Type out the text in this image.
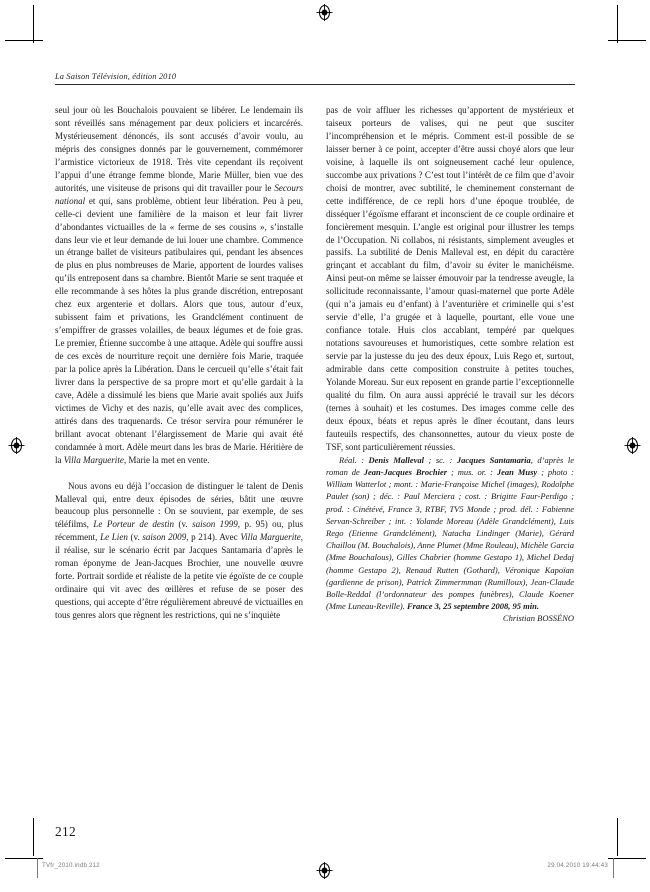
La Saison Télévision, édition 2010

seul jour où les Bouchalois pouvaient se libérer. Le lendemain ils sont réveillés sans ménagement par deux policiers et incarcérés. Mystérieusement dénoncés, ils sont accusés d’avoir voulu, au mépris des consignes donnés par le gouvernement, commémorer l’armistice victorieux de 1918. Très vite cependant ils reçoivent l’appui d’une étrange femme blonde, Marie Müller, bien vue des autorités, une visiteuse de prisons qui dit travailler pour le Secours national et qui, sans problème, obtient leur libération. Peu à peu, celle-ci devient une familière de la maison et leur fait livrer d’abondantes victuailles de la « ferme de ses cousins », s’installe dans leur vie et leur demande de lui louer une chambre. Commence un étrange ballet de visiteurs patibulaires qui, pendant les absences de plus en plus nombreuses de Marie, apportent de lourdes valises qu’ils entreposent dans sa chambre. Bientôt Marie se sent traquée et elle recommande à ses hôtes la plus grande discrétion, entreposant chez eux argenterie et dollars. Alors que tous, autour d’eux, subissent faim et privations, les Grandclément continuent de s’empiffrer de grasses volailles, de beaux légumes et de foie gras. Le premier, Étienne succombe à une attaque. Adèle qui souffre aussi de ces excès de nourriture reçoit une dernière fois Marie, traquée par la police après la Libération. Dans le cercueil qu’elle s’était fait livrer dans la perspective de sa propre mort et qu’elle gardait à la cave, Adèle a dissimulé les biens que Marie avait spoliés aux Juifs victimes de Vichy et des nazis, qu’elle avait avec des complices, attirés dans des traquenards. Ce trésor servira pour rémunérer le brillant avocat obtenant l’élargissement de Marie qui avait été condamnée à mort. Adèle meurt dans les bras de Marie. Héritière de la Villa Marguerite, Marie la met en vente.

Nous avons eu déjà l’occasion de distinguer le talent de Denis Malleval qui, entre deux épisodes de séries, bâtit une œuvre beaucoup plus personnelle : On se souvient, par exemple, de ses téléfilms, Le Porteur de destin (v. saison 1999, p. 95) ou, plus récemment, Le Lien (v. saison 2009, p 214). Avec Villa Marguerite, il réalise, sur le scénario écrit par Jacques Santamaria d’après le roman éponyme de Jean-Jacques Brochier, une nouvelle œuvre forte. Portrait sordide et réaliste de la petite vie égoïste de ce couple ordinaire qui vit avec des œillères et refuse de se poser des questions, qui accepte d’être régulièrement abreuvé de victuailles en tous genres alors que règnent les restrictions, qui ne s’inquiète

pas de voir affluer les richesses qu’apportent de mystérieux et taiseux porteurs de valises, qui ne peut que susciter l’incompréhension et le mépris. Comment est-il possible de se laisser berner à ce point, accepter d’être aussi choyé alors que leur voisine, à laquelle ils ont soigneusement caché leur opulence, succombe aux privations ? C’est tout l’intérêt de ce film que d’avoir choisi de montrer, avec subtilité, le cheminement consternant de cette indifférence, de ce repli hors d’une époque troublée, de disséquer l’égoïsme effarant et inconscient de ce couple ordinaire et foncièrement mesquin. L’angle est original pour illustrer les temps de l’Occupation. Ni collabos, ni résistants, simplement aveugles et passifs. La subtilité de Denis Malleval est, en dépit du caractère grinçant et accablant du film, d’avoir su éviter le manichéisme. Ainsi peut-on même se laisser émouvoir par la tendresse aveugle, la sollicitude reconnaissante, l’amour quasi-maternel que porte Adèle (qui n’a jamais eu d’enfant) à l’aventurière et criminelle qui s’est servie d’elle, l’a grugée et à laquelle, pourtant, elle voue une confiance totale. Huis clos accablant, tempéré par quelques notations savoureuses et humoristiques, cette sombre relation est servie par la justesse du jeu des deux époux, Luis Rego et, surtout, admirable dans cette composition construite à petites touches, Yolande Moreau. Sur eux reposent en grande partie l’exceptionnelle qualité du film. On aura aussi apprécié le travail sur les décors (ternes à souhait) et les costumes. Des images comme celle des deux époux, béats et repus après le dîner écoutant, dans leurs fauteuils respectifs, des chansonnettes, autour du vieux poste de TSF, sont particulièrement réussies.

Réal. : Denis Malleval ; sc. : Jacques Santamaria, d’après le roman de Jean-Jacques Brochier ; mus. or. : Jean Musy ; photo : William Watterlot ; mont. : Marie-Françoise Michel (images), Rodolphe Paulet (son) ; déc. : Paul Merciera ; cost. : Brigitte Faur-Perdigo ; prod. : Cinétévé, France 3, RTBF, TV5 Monde ; prod. dél. : Fabienne Servan-Schreiber ; int. : Yolande Moreau (Adèle Grandclément), Luis Rego (Etienne Grandclément), Natacha Lindinger (Marie), Gérard Chaillou (M. Bouchalois), Anne Plumet (Mme Rouleau), Michèle Garcia (Mme Bouchalous), Gilles Chabrier (homme Gestapo 1), Michel Dedaj (homme Gestapo 2), Renaud Rutten (Gothard), Véronique Kapoïan (gardienne de prison), Patrick Zimmermman (Rumilloux), Jean-Claude Bolle-Reddal (l’ordonnateur des pompes funèbres), Claude Koener (Mme Luneau-Reville). France 3, 25 septembre 2008, 95 min.

Christian BOSSÉNO

212
TVfr_2010.indb 212	29.04.2010 19:44:43
